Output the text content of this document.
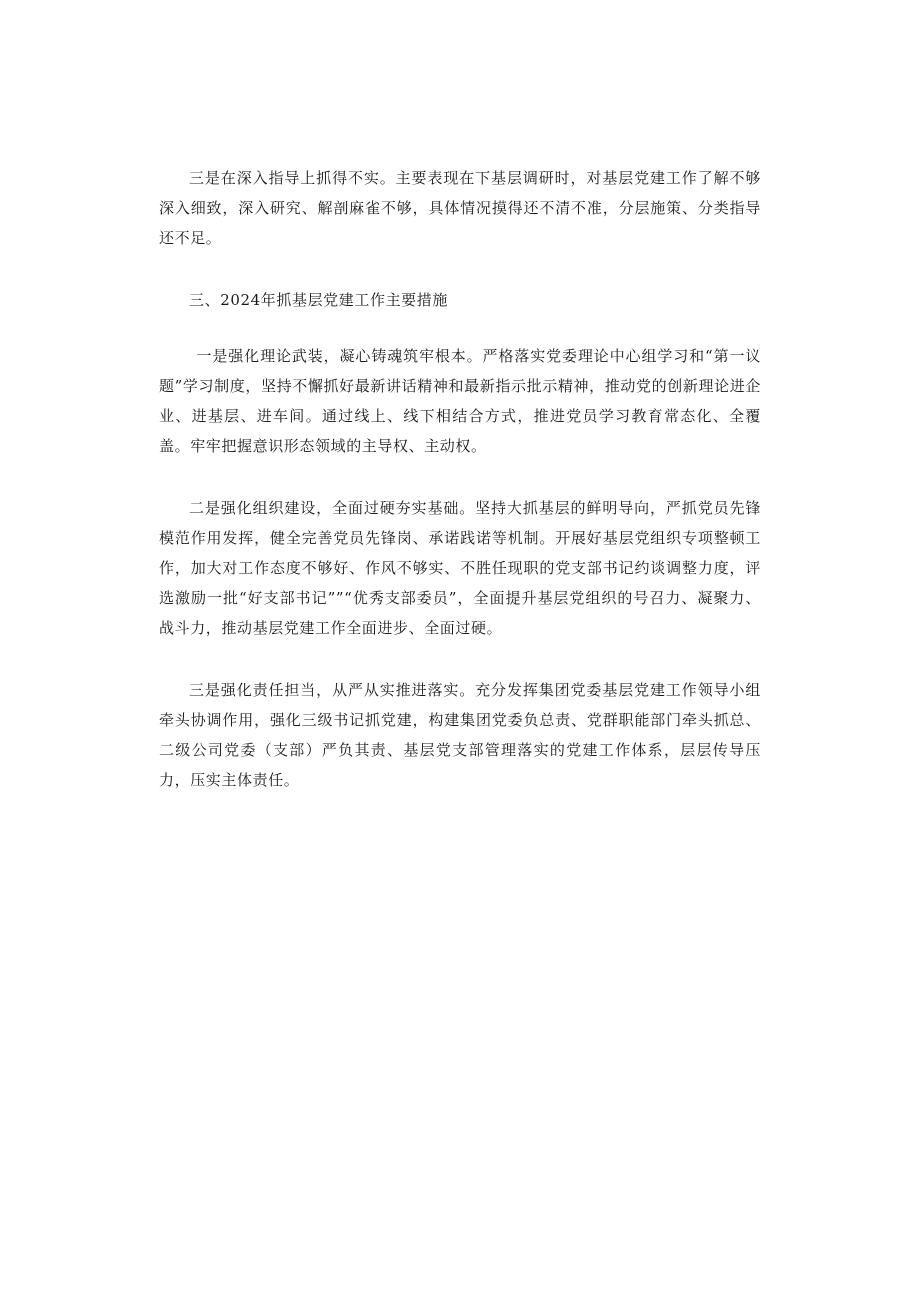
三是在深入指导上抓得不实。主要表现在下基层调研时，对基层党建工作了解不够深入细致，深入研究、解剖麻雀不够，具体情况摸得还不清不准，分层施策、分类指导还不足。

三、2024年抓基层党建工作主要措施

一是强化理论武装，凝心铸魂筑牢根本。严格落实党委理论中心组学习和“第一议题”学习制度，坚持不懈抓好最新讲话精神和最新指示批示精神，推动党的创新理论进企业、进基层、进车间。通过线上、线下相结合方式，推进党员学习教育常态化、全覆盖。牢牢把握意识形态领域的主导权、主动权。

二是强化组织建设，全面过硬夯实基础。坚持大抓基层的鲜明导向，严抓党员先锋模范作用发挥，健全完善党员先锋岗、承诺践诺等机制。开展好基层党组织专项整顿工作，加大对工作态度不够好、作风不够实、不胜任现职的党支部书记约谈调整力度，评选激励一批“好支部书记””“优秀支部委员”，全面提升基层党组织的号召力、凝聚力、战斗力，推动基层党建工作全面进步、全面过硬。

三是强化责任担当，从严从实推进落实。充分发挥集团党委基层党建工作领导小组牵头协调作用，强化三级书记抓党建，构建集团党委负总责、党群职能部门牵头抓总、二级公司党委（支部）严负其责、基层党支部管理落实的党建工作体系，层层传导压力，压实主体责任。
